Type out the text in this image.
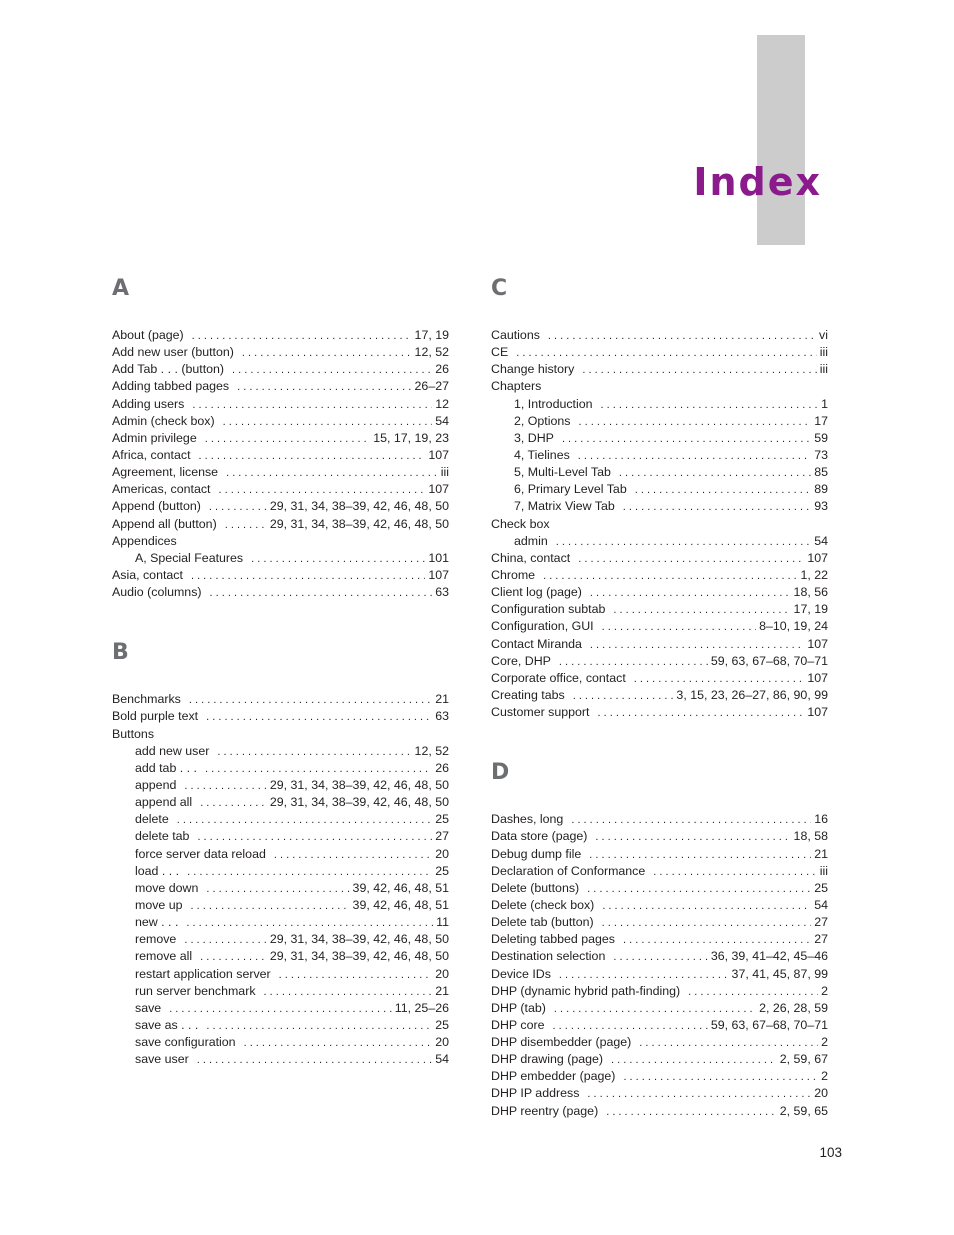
Index
A
About (page) . . .	17, 19
Add new user (button) . . .	12, 52
Add Tab . . . (button) . . .	26
Adding tabbed pages . . .	26–27
Adding users . . .	12
Admin (check box) . . .	54
Admin privilege . . .	15, 17, 19, 23
Africa, contact . . .	107
Agreement, license . . .	iii
Americas, contact . . .	107
Append (button) . . .	29, 31, 34, 38–39, 42, 46, 48, 50
Append all (button) . . .	29, 31, 34, 38–39, 42, 46, 48, 50
Appendices
A, Special Features . . .	101
Asia, contact . . .	107
Audio (columns) . . .	63
B
Benchmarks . . .	21
Bold purple text . . .	63
Buttons
add new user . . .	12, 52
add tab . . . . . .	26
append . . .	29, 31, 34, 38–39, 42, 46, 48, 50
append all . . .	29, 31, 34, 38–39, 42, 46, 48, 50
delete . . .	25
delete tab . . .	27
force server data reload . . .	20
load . . . . . .	25
move down . . .	39, 42, 46, 48, 51
move up . . .	39, 42, 46, 48, 51
new . . . . . .	11
remove . . .	29, 31, 34, 38–39, 42, 46, 48, 50
remove all . . .	29, 31, 34, 38–39, 42, 46, 48, 50
restart application server . . .	20
run server benchmark . . .	21
save . . .	11, 25–26
save as . . . . . .	25
save configuration . . .	20
save user . . .	54
C
Cautions . . .	vi
CE . . .	iii
Change history . . .	iii
Chapters
1, Introduction . . .	1
2, Options . . .	17
3, DHP . . .	59
4, Tielines . . .	73
5, Multi-Level Tab . . .	85
6, Primary Level Tab . . .	89
7, Matrix View Tab . . .	93
Check box
admin . . .	54
China, contact . . .	107
Chrome . . .	1, 22
Client log (page) . . .	18, 56
Configuration subtab . . .	17, 19
Configuration, GUI . . .	8–10, 19, 24
Contact Miranda . . .	107
Core, DHP . . .	59, 63, 67–68, 70–71
Corporate office, contact . . .	107
Creating tabs . . .	3, 15, 23, 26–27, 86, 90, 99
Customer support . . .	107
D
Dashes, long . . .	16
Data store (page) . . .	18, 58
Debug dump file . . .	21
Declaration of Conformance . . .	iii
Delete (buttons) . . .	25
Delete (check box) . . .	54
Delete tab (button) . . .	27
Deleting tabbed pages . . .	27
Destination selection . . .	36, 39, 41–42, 45–46
Device IDs . . .	37, 41, 45, 87, 99
DHP (dynamic hybrid path-finding) . . .	2
DHP (tab) . . .	2, 26, 28, 59
DHP core . . .	59, 63, 67–68, 70–71
DHP disembedder (page) . . .	2
DHP drawing (page) . . .	2, 59, 67
DHP embedder (page) . . .	2
DHP IP address . . .	20
DHP reentry (page) . . .	2, 59, 65
103
